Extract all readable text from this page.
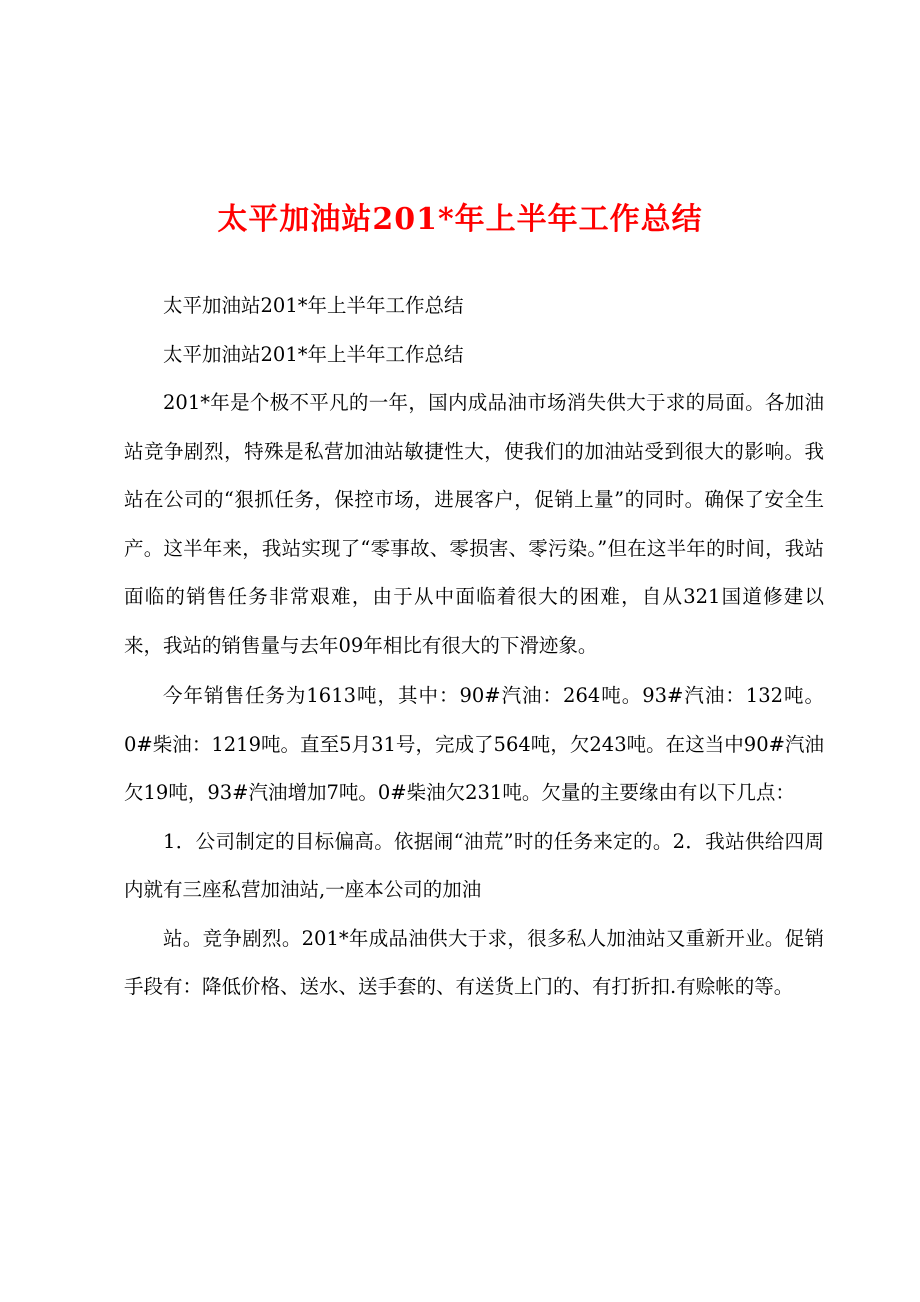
太平加油站201*年上半年工作总结

太平加油站201*年上半年工作总结

太平加油站201*年上半年工作总结

201*年是个极不平凡的一年，国内成品油市场消失供大于求的局面。各加油站竞争剧烈，特殊是私营加油站敏捷性大，使我们的加油站受到很大的影响。我站在公司的“狠抓任务，保控市场，进展客户，促销上量”的同时。确保了安全生产。这半年来，我站实现了“零事故、零损害、零污染。”但在这半年的时间，我站面临的销售任务非常艰难，由于从中面临着很大的困难，自从321国道修建以来，我站的销售量与去年09年相比有很大的下滑迹象。

今年销售任务为1613吨，其中：90#汽油：264吨。93#汽油：132吨。0#柴油：1219吨。直至5月31号，完成了564吨，欠243吨。在这当中90#汽油欠19吨，93#汽油增加7吨。0#柴油欠231吨。欠量的主要缘由有以下几点：

1．公司制定的目标偏高。依据闹“油荒”时的任务来定的。2．我站供给四周内就有三座私营加油站,一座本公司的加油

站。竞争剧烈。201*年成品油供大于求，很多私人加油站又重新开业。促销手段有：降低价格、送水、送手套的、有送货上门的、有打折扣.有赊帐的等。
